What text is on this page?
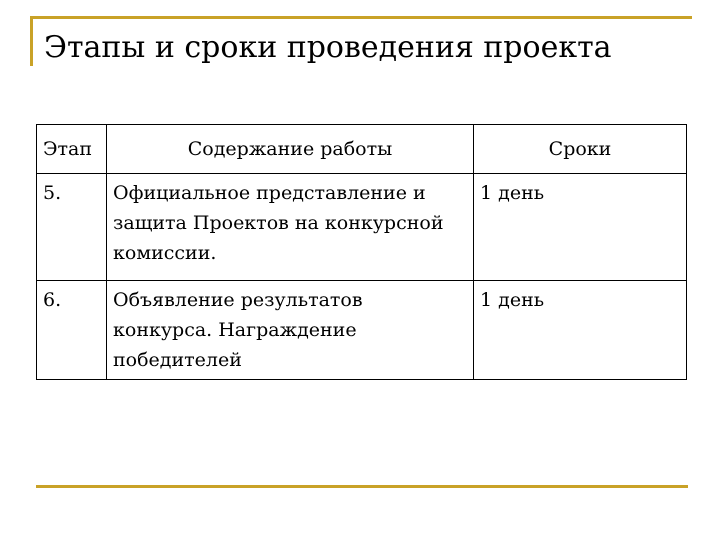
Этапы и сроки проведения проекта
Этап	Содержание работы	Сроки
5.	Официальное представление и защита Проектов на конкурсной комиссии.	1 день
6.	Объявление результатов конкурса. Награждение победителей	1 день
